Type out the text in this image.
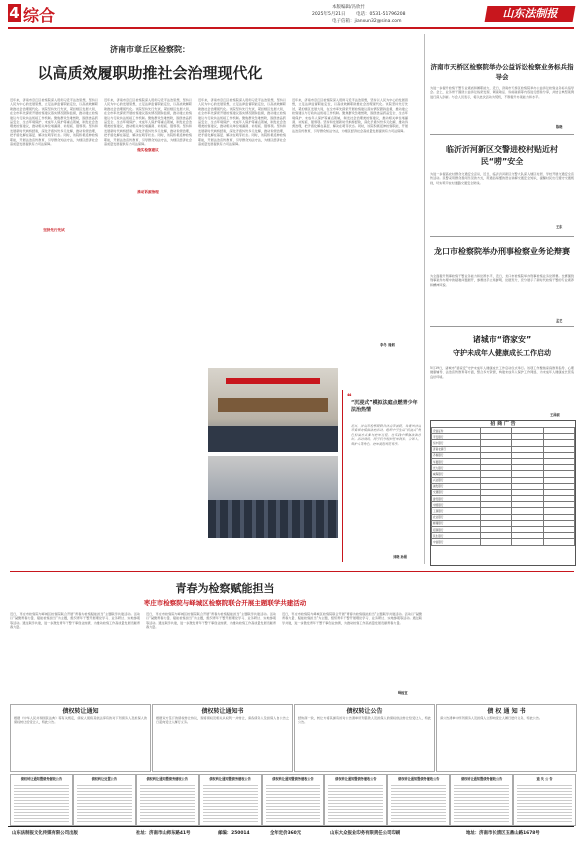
4 综合	本版编辑/冯欣竹
2025年5月21日 电话：0531-51796208
电子信箱：jianxun32@sina.com
山东法制报
济南市章丘区检察院：
以高质效履职助推社会治理现代化
近年来，济南市章丘区检察院深入贯彻习近平法治思想，坚持以人民为中心的发展思想，立足法律监督职能定位，以高质效履职助推社会治理现代化。该院坚持先行先试，紧扣辖区发展大局，在全市率先探索开展检察建议落实情况跟踪监督，推动建立检察建议与行政执法衔接工作机制。聚焦群众急难愁盼，围绕食品药品安全、生态环境保护、未成年人保护等重点领域，制发社会治理类检察建议，推动相关单位堵漏洞、补短板、强弱项。坚持和发展新时代枫桥经验，深化矛盾纠纷多元化解，推动诉源治理，把矛盾化解在基层、解决在萌芽状态。同时，该院积极延伸检察职能，开展法治宣传教育，引导群众知法守法，为辖区经济社会高质量发展提供有力司法保障。
坚持先行先试
近年来，济南市章丘区检察院深入贯彻习近平法治思想，坚持以人民为中心的发展思想，立足法律监督职能定位，以高质效履职助推社会治理现代化。该院坚持先行先试，紧扣辖区发展大局，在全市率先探索开展检察建议落实情况跟踪监督，推动建立检察建议与行政执法衔接工作机制。聚焦群众急难愁盼，围绕食品药品安全、生态环境保护、未成年人保护等重点领域，制发社会治理类检察建议，推动相关单位堵漏洞、补短板、强弱项。坚持和发展新时代枫桥经验，深化矛盾纠纷多元化解，推动诉源治理，把矛盾化解在基层、解决在萌芽状态。同时，该院积极延伸检察职能，开展法治宣传教育，引导群众知法守法，为辖区经济社会高质量发展提供有力司法保障。
做实检察建议
推动诉源治理
近年来，济南市章丘区检察院深入贯彻习近平法治思想，坚持以人民为中心的发展思想，立足法律监督职能定位，以高质效履职助推社会治理现代化。该院坚持先行先试，紧扣辖区发展大局，在全市率先探索开展检察建议落实情况跟踪监督，推动建立检察建议与行政执法衔接工作机制。聚焦群众急难愁盼，围绕食品药品安全、生态环境保护、未成年人保护等重点领域，制发社会治理类检察建议，推动相关单位堵漏洞、补短板、强弱项。坚持和发展新时代枫桥经验，深化矛盾纠纷多元化解，推动诉源治理，把矛盾化解在基层、解决在萌芽状态。同时，该院积极延伸检察职能，开展法治宣传教育，引导群众知法守法，为辖区经济社会高质量发展提供有力司法保障。
近年来，济南市章丘区检察院深入贯彻习近平法治思想，坚持以人民为中心的发展思想，立足法律监督职能定位，以高质效履职助推社会治理现代化。该院坚持先行先试，紧扣辖区发展大局，在全市率先探索开展检察建议落实情况跟踪监督，推动建立检察建议与行政执法衔接工作机制。聚焦群众急难愁盼，围绕食品药品安全、生态环境保护、未成年人保护等重点领域，制发社会治理类检察建议，推动相关单位堵漏洞、补短板、强弱项。坚持和发展新时代枫桥经验，深化矛盾纠纷多元化解，推动诉源治理，把矛盾化解在基层、解决在萌芽状态。同时，该院积极延伸检察职能，开展法治宣传教育，引导群众知法守法，为辖区经济社会高质量发展提供有力司法保障。
李冬 周炳
❝
“沉浸式”模拟法庭点燃青少年法治热情
近日，济南市检察院联合济南市法院、共青团济南市委举办模拟法庭活动，组织中学生以“沉浸式”角色扮演方式参与庭审过程，在实践中增强法治意识。活动现场，同学们分别担任审判长、公诉人、辩护人等角色，庭审流程规范有序。
刘晓 孙娟
济南市天桥区检察院举办公益诉讼检察业务标兵指导会
为进一步提升检察干警专业素质和履职能力，近日，济南市天桥区检察院举办公益诉讼检察业务标兵指导会。会上，业务骨干围绕公益诉讼线索发现、调查取证、诉前磋商等内容进行经验分享，并结合典型案例进行深入剖析。与会人员表示，将以此次活动为契机，不断提升办案能力和水平。
陈晓
临沂沂河新区交警进校村贴近村民“唠”安全
为进一步提高农村群众交通安全意识，近日，临沂沂河新区交警大队深入辖区村居、学校开展交通安全宣传活动。民警采用群众喜闻乐见的方式，用通俗易懂的语言讲解交通安全知识，提醒村民出行遵守交通规则，切实筑牢农村道路交通安全防线。
王东
龙口市检察院举办刑事检察业务论辩赛
为全面提升刑事检察干警业务能力和论辩水平，近日，龙口市检察院举办刑事检察业务论辩赛。比赛围绕刑事案件办理中的疑难问题展开，参赛选手立场鲜明、论据充分，充分展示了新时代检察干警的专业素养和精神风貌。
孟艺
诸城市“谘家安”
守护未成年人健康成长工作启动
5月19日，诸城市“谘家安”守护未成年人健康成长工作启动仪式举行。该项工作聚焦家庭教育指导、心理健康辅导、法治宣传教育等方面，整合多方资源，构建未成年人保护工作网络，为未成年人健康成长营造良好环境。
王昌硕
招 商 广 告
宏信证券			
平安银行			
恒丰银行			
济南农商行			
齐鲁银行			
华夏银行			
光大银行			
威海银行			
兴业银行			
浦发银行			
交通银行			
建设银行			
中国银行			
工商银行			
农业银行			
邮储银行			
招商银行			
民生银行			
中信银行			
青春为检察赋能担当
枣庄市检察院与峄城区检察院联合开展主题联学共建活动
近日，枣庄市检察院与峄城区检察院联合开展“青春为检察赋能担当”主题联学共建活动。活动以“凝聚青春力量、赋能检察担当”为主题，组织青年干警开展理论学习、业务研讨、实地参观等活动。通过联学共建，进一步激发青年干警干事创业热情，为推动检察工作高质量发展贡献青春力量。
近日，枣庄市检察院与峄城区检察院联合开展“青春为检察赋能担当”主题联学共建活动。活动以“凝聚青春力量、赋能检察担当”为主题，组织青年干警开展理论学习、业务研讨、实地参观等活动。通过联学共建，进一步激发青年干警干事创业热情，为推动检察工作高质量发展贡献青春力量。
近日，枣庄市检察院与峄城区检察院联合开展“青春为检察赋能担当”主题联学共建活动。活动以“凝聚青春力量、赋能检察担当”为主题，组织青年干警开展理论学习、业务研讨、实地参观等活动。通过联学共建，进一步激发青年干警干事创业热情，为推动检察工作高质量发展贡献青春力量。
峄检宣
债权转让通知
根据《中华人民共和国民法典》等有关规定，债权人现将其依法享有的对下列债务人及担保人的债权转让给受让人，特此公告。
债权转让通知书
根据双方签订的债权转让协议，现将债权及相关从权利一并转让，请各债务人及担保人自公告之日起向受让人履行义务。
债权转让公告
经协商一致，转让方将其拥有的对公告清单所列借款人及担保人的债权依法转让给受让人，特此公告。
债 权 通 知 书
请公告清单中所列债务人及担保人立即向受让人履行偿付义务，特此公告。
债权转让通知暨债务催收公告	债权转让处置公告	债权转让通知暨债务催收公告	债权转让通知暨债务催收公告	债权转让通知暨债务催收公告	债权转让通知暨债务催收公告	债权转让通知暨债务催收公告	债权转让通知暨债务催收公告	遗 失 公 告
山东法制报文化传媒有限公司出版	社址：济南市山师东路41号	邮编：250014	全年定价360元	山东大众报业印务有限责任公司印刷	地址：济南市长清区玉鼎山路1678号
